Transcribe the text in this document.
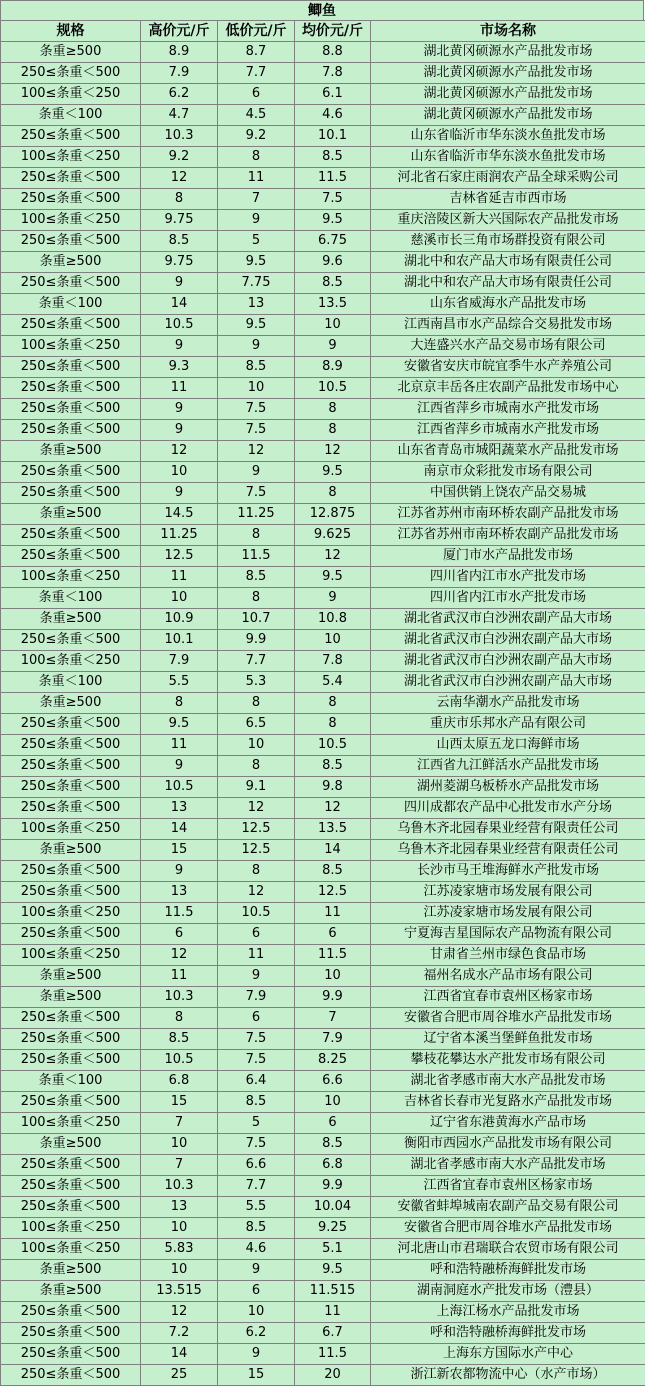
鲫鱼
规格	高价元/斤	低价元/斤	均价元/斤	市场名称
条重≥500	8.9	8.7	8.8	湖北黄冈硕源水产品批发市场
250≤条重＜500	7.9	7.7	7.8	湖北黄冈硕源水产品批发市场
100≤条重＜250	6.2	6	6.1	湖北黄冈硕源水产品批发市场
条重＜100	4.7	4.5	4.6	湖北黄冈硕源水产品批发市场
250≤条重＜500	10.3	9.2	10.1	山东省临沂市华东淡水鱼批发市场
100≤条重＜250	9.2	8	8.5	山东省临沂市华东淡水鱼批发市场
250≤条重＜500	12	11	11.5	河北省石家庄雨润农产品全球采购公司
250≤条重＜500	8	7	7.5	吉林省延吉市西市场
100≤条重＜250	9.75	9	9.5	重庆涪陵区新大兴国际农产品批发市场
250≤条重＜500	8.5	5	6.75	慈溪市长三角市场群投资有限公司
条重≥500	9.75	9.5	9.6	湖北中和农产品大市场有限责任公司
250≤条重＜500	9	7.75	8.5	湖北中和农产品大市场有限责任公司
条重＜100	14	13	13.5	山东省威海水产品批发市场
250≤条重＜500	10.5	9.5	10	江西南昌市水产品综合交易批发市场
100≤条重＜250	9	9	9	大连盛兴水产品交易市场有限公司
250≤条重＜500	9.3	8.5	8.9	安徽省安庆市皖宜季牛水产养殖公司
250≤条重＜500	11	10	10.5	北京京丰岳各庄农副产品批发市场中心
250≤条重＜500	9	7.5	8	江西省萍乡市城南水产批发市场
250≤条重＜500	9	7.5	8	江西省萍乡市城南水产批发市场
条重≥500	12	12	12	山东省青岛市城阳蔬菜水产品批发市场
250≤条重＜500	10	9	9.5	南京市众彩批发市场有限公司
250≤条重＜500	9	7.5	8	中国供销上饶农产品交易城
条重≥500	14.5	11.25	12.875	江苏省苏州市南环桥农副产品批发市场
250≤条重＜500	11.25	8	9.625	江苏省苏州市南环桥农副产品批发市场
250≤条重＜500	12.5	11.5	12	厦门市水产品批发市场
100≤条重＜250	11	8.5	9.5	四川省内江市水产批发市场
条重＜100	10	8	9	四川省内江市水产批发市场
条重≥500	10.9	10.7	10.8	湖北省武汉市白沙洲农副产品大市场
250≤条重＜500	10.1	9.9	10	湖北省武汉市白沙洲农副产品大市场
100≤条重＜250	7.9	7.7	7.8	湖北省武汉市白沙洲农副产品大市场
条重＜100	5.5	5.3	5.4	湖北省武汉市白沙洲农副产品大市场
条重≥500	8	8	8	云南华潮水产品批发市场
250≤条重＜500	9.5	6.5	8	重庆市乐邦水产品有限公司
250≤条重＜500	11	10	10.5	山西太原五龙口海鲜市场
250≤条重＜500	9	8	8.5	江西省九江鲜活水产品批发市场
250≤条重＜500	10.5	9.1	9.8	湖州菱湖乌板桥水产品批发市场
250≤条重＜500	13	12	12	四川成都农产品中心批发市水产分场
100≤条重＜250	14	12.5	13.5	乌鲁木齐北园春果业经营有限责任公司
条重≥500	15	12.5	14	乌鲁木齐北园春果业经营有限责任公司
250≤条重＜500	9	8	8.5	长沙市马王堆海鲜水产批发市场
250≤条重＜500	13	12	12.5	江苏凌家塘市场发展有限公司
100≤条重＜250	11.5	10.5	11	江苏凌家塘市场发展有限公司
250≤条重＜500	6	6	6	宁夏海吉星国际农产品物流有限公司
100≤条重＜250	12	11	11.5	甘肃省兰州市绿色食品市场
条重≥500	11	9	10	福州名成水产品市场有限公司
条重≥500	10.3	7.9	9.9	江西省宜春市袁州区杨家市场
250≤条重＜500	8	6	7	安徽省合肥市周谷堆水产品批发市场
250≤条重＜500	8.5	7.5	7.9	辽宁省本溪当堡鲜鱼批发市场
250≤条重＜500	10.5	7.5	8.25	攀枝花攀达水产批发市场有限公司
条重＜100	6.8	6.4	6.6	湖北省孝感市南大水产品批发市场
250≤条重＜500	15	8.5	10	吉林省长春市光复路水产品批发市场
100≤条重＜250	7	5	6	辽宁省东港黄海水产品市场
条重≥500	10	7.5	8.5	衡阳市西园水产品批发市场有限公司
250≤条重＜500	7	6.6	6.8	湖北省孝感市南大水产品批发市场
250≤条重＜500	10.3	7.7	9.9	江西省宜春市袁州区杨家市场
250≤条重＜500	13	5.5	10.04	安徽省蚌埠城南农副产品交易有限公司
100≤条重＜250	10	8.5	9.25	安徽省合肥市周谷堆水产品批发市场
100≤条重＜250	5.83	4.6	5.1	河北唐山市君瑞联合农贸市场有限公司
条重≥500	10	9	9.5	呼和浩特融桥海鲜批发市场
条重≥500	13.515	6	11.515	湖南洞庭水产批发市场（澧县）
250≤条重＜500	12	10	11	上海江杨水产品批发市场
250≤条重＜500	7.2	6.2	6.7	呼和浩特融桥海鲜批发市场
250≤条重＜500	14	9	11.5	上海东方国际水产中心
250≤条重＜500	25	15	20	浙江新农都物流中心（水产市场）
